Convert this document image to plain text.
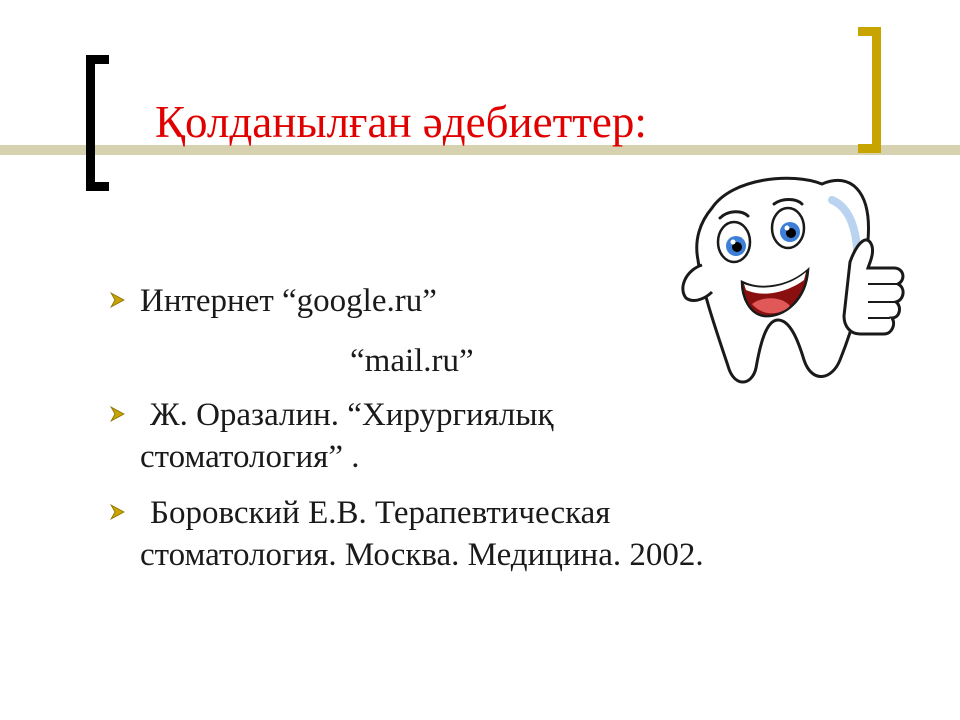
Қолданылған әдебиеттер:
Интернет “google.ru”
“mail.ru”
Ж. Оразалин. “Хирургиялық
стоматология” .
Боровский Е.В. Терапевтическая
стоматология. Москва. Медицина. 2002.
